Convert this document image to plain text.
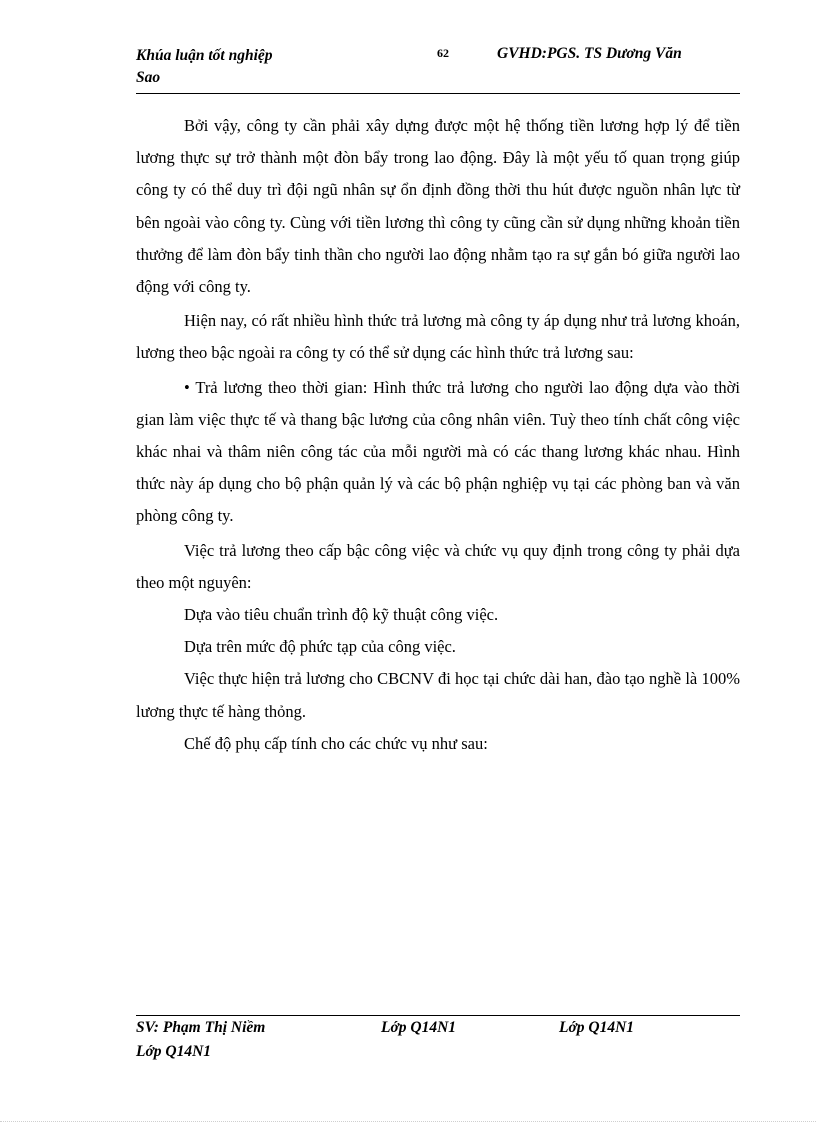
Khúa luận tốt nghiệp
Sao
62	GVHD:PGS. TS Dương Văn

Bởi vậy, công ty cần phải xây dựng được một hệ thống tiền lương hợp lý để tiền lương thực sự trở thành một đòn bẩy trong lao động. Đây là một yếu tố quan trọng giúp công ty có thể duy trì đội ngũ nhân sự ổn định đồng thời thu hút được nguồn nhân lực từ bên ngoài vào công ty. Cùng với tiền lương thì công ty cũng cần sử dụng những khoản tiền thưởng để làm đòn bẩy tinh thần cho người lao động nhằm tạo ra sự gắn bó giữa người lao động với công ty.

Hiện nay, có rất nhiều hình thức trả lương mà công ty áp dụng như trả lương khoán, lương theo bậc ngoài ra công ty có thể sử dụng các hình thức trả lương sau:

• Trả lương theo thời gian: Hình thức trả lương cho người lao động dựa vào thời gian làm việc thực tế và thang bậc lương của công nhân viên. Tuỳ theo tính chất công việc khác nhai và thâm niên công tác của mỗi người mà có các thang lương khác nhau. Hình thức này áp dụng cho bộ phận quản lý và các bộ phận nghiệp vụ tại các phòng ban và văn phòng công ty.

Việc trả lương theo cấp bậc công việc và chức vụ quy định trong công ty phải dựa theo một nguyên:

Dựa vào tiêu chuẩn trình độ kỹ thuật công việc.

Dựa trên mức độ phức tạp của công việc.

Việc thực hiện trả lương cho CBCNV đi học tại chức dài han, đào tạo nghề là 100% lương thực tế hàng thỏng.

Chế độ phụ cấp tính cho các chức vụ như sau:

SV: Phạm Thị Niềm	Lớp Q14N1	Lớp Q14N1
Lớp Q14N1
